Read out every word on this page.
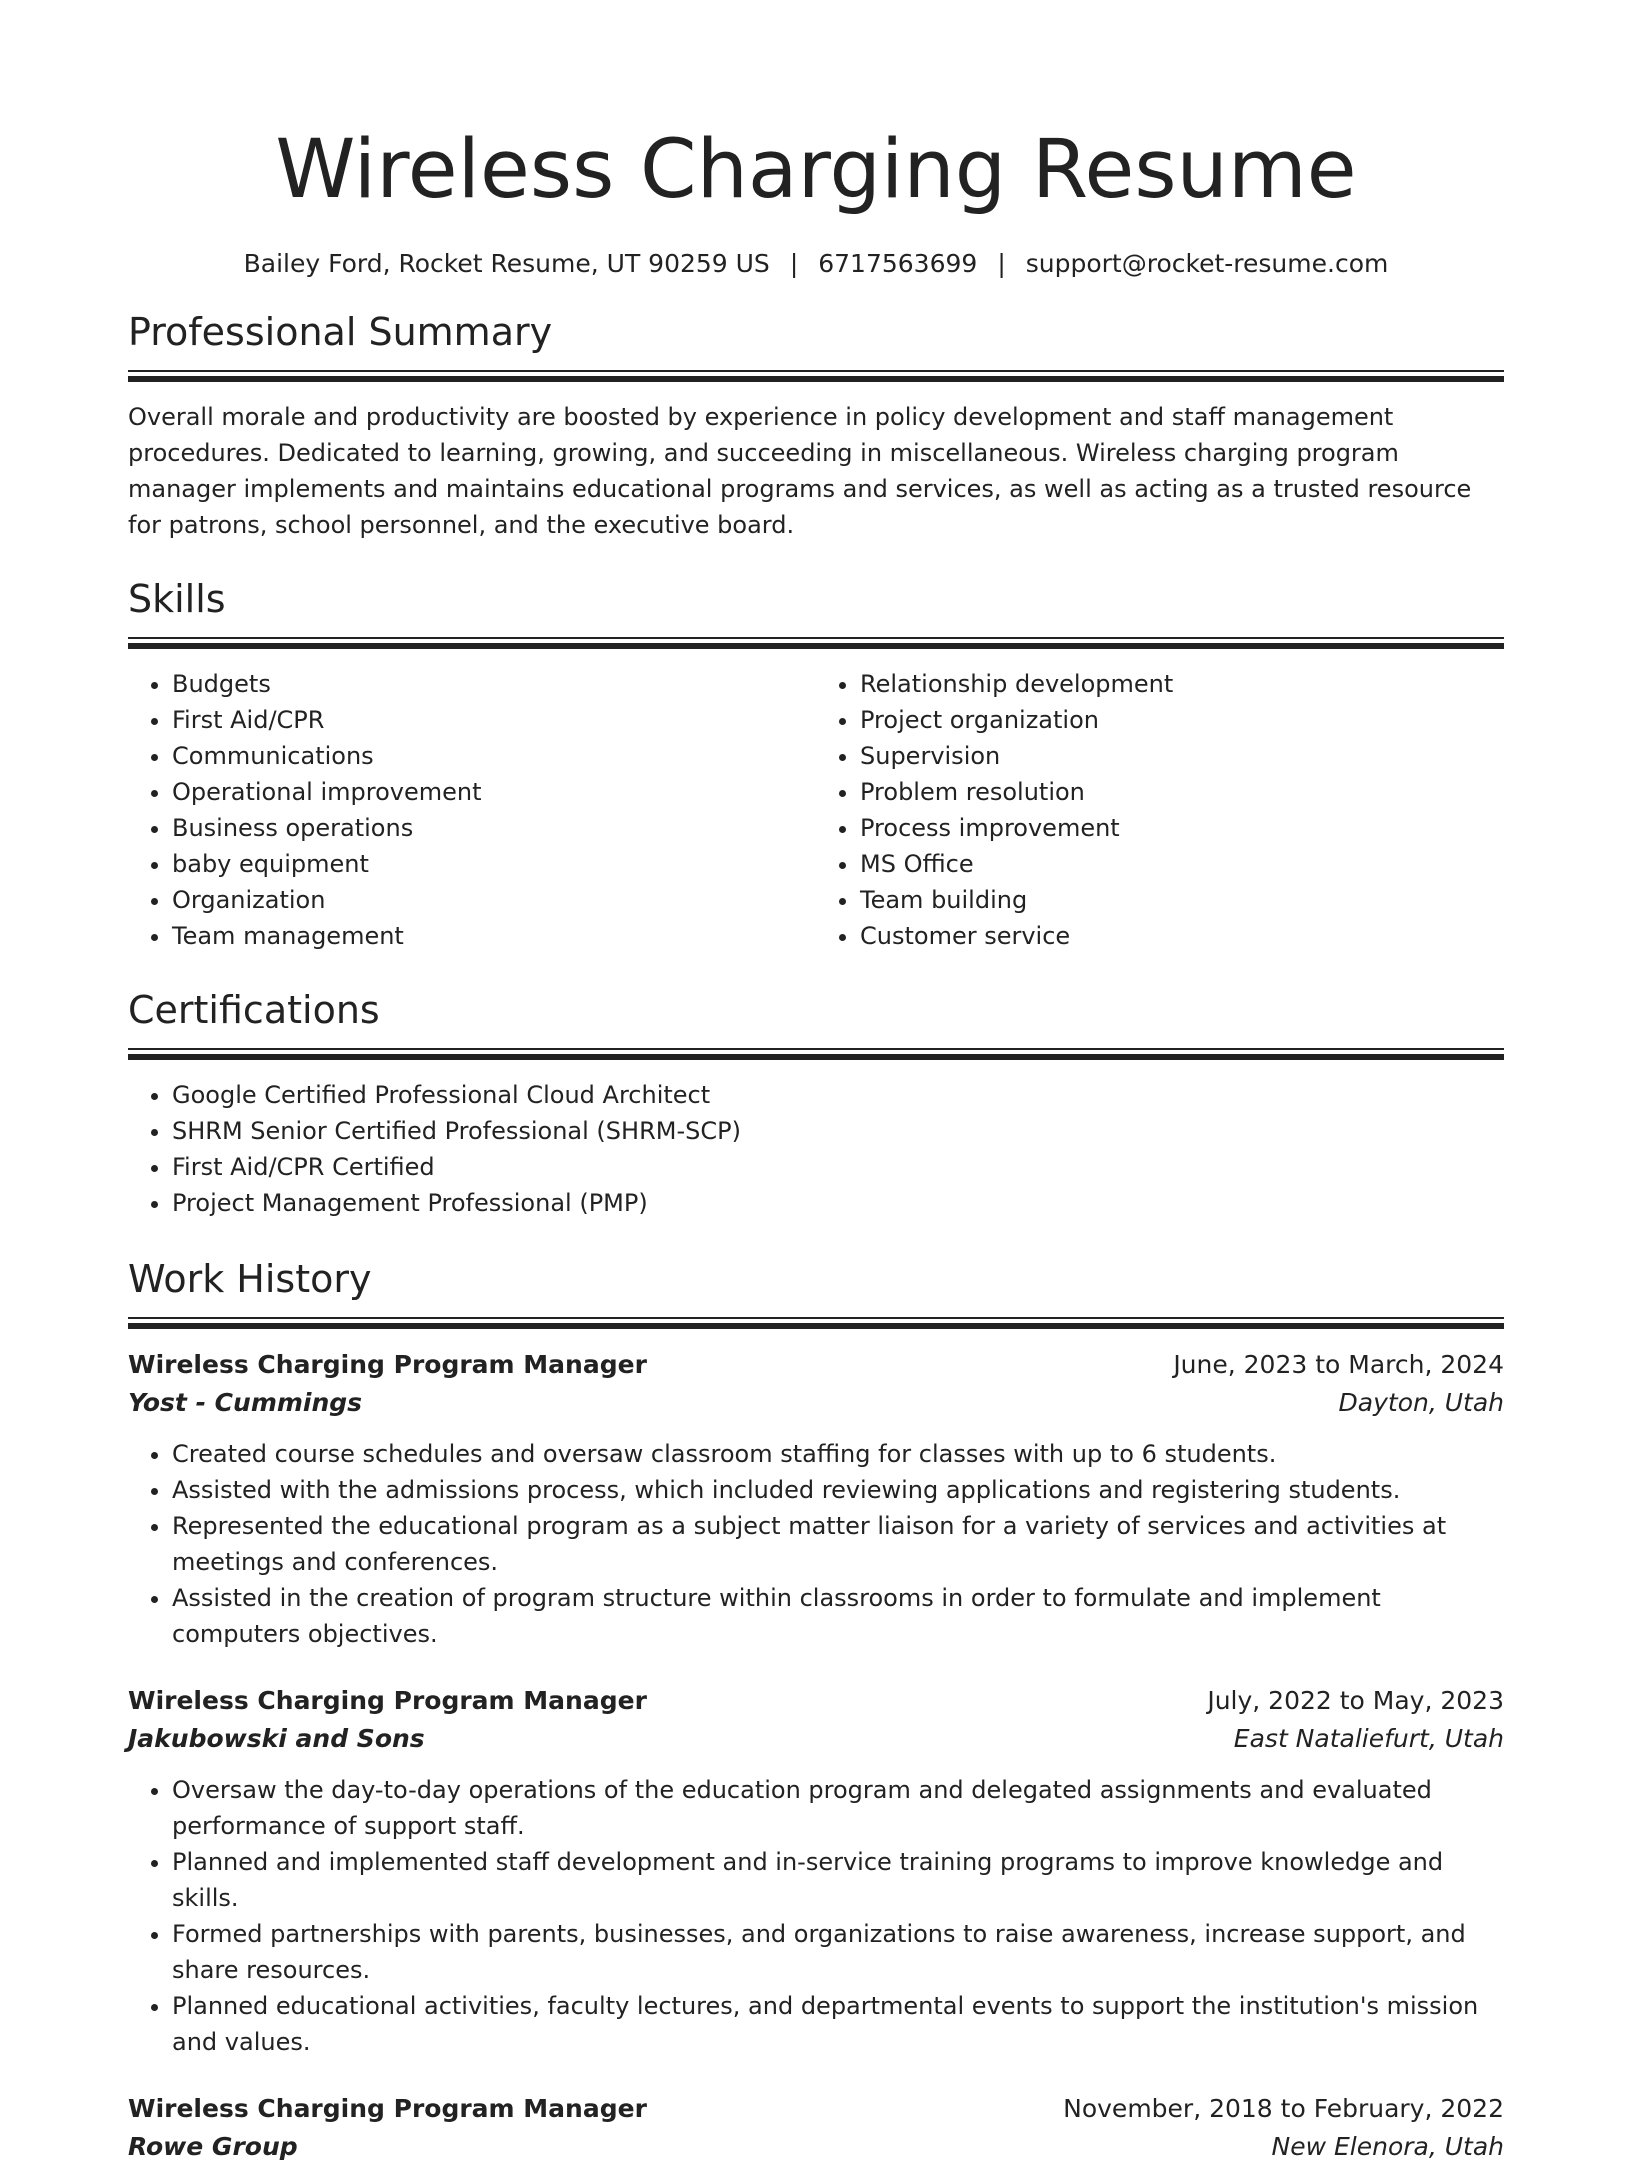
Wireless Charging Resume
Bailey Ford, Rocket Resume, UT 90259 US | 6717563699 | support@rocket-resume.com
Professional Summary

Overall morale and productivity are boosted by experience in policy development and staff management procedures. Dedicated to learning, growing, and succeeding in miscellaneous. Wireless charging program manager implements and maintains educational programs and services, as well as acting as a trusted resource for patrons, school personnel, and the executive board.

Skills
• Budgets
• First Aid/CPR
• Communications
• Operational improvement
• Business operations
• baby equipment
• Organization
• Team management
• Relationship development
• Project organization
• Supervision
• Problem resolution
• Process improvement
• MS Office
• Team building
• Customer service
Certifications
• Google Certified Professional Cloud Architect
• SHRM Senior Certified Professional (SHRM-SCP)
• First Aid/CPR Certified
• Project Management Professional (PMP)
Work History
Wireless Charging Program Manager	June, 2023 to March, 2024
Yost - Cummings	Dayton, Utah
• Created course schedules and oversaw classroom staffing for classes with up to 6 students.
• Assisted with the admissions process, which included reviewing applications and registering students.
• Represented the educational program as a subject matter liaison for a variety of services and activities at meetings and conferences.
• Assisted in the creation of program structure within classrooms in order to formulate and implement computers objectives.
Wireless Charging Program Manager	July, 2022 to May, 2023
Jakubowski and Sons	East Nataliefurt, Utah
• Oversaw the day-to-day operations of the education program and delegated assignments and evaluated performance of support staff.
• Planned and implemented staff development and in-service training programs to improve knowledge and skills.
• Formed partnerships with parents, businesses, and organizations to raise awareness, increase support, and share resources.
• Planned educational activities, faculty lectures, and departmental events to support the institution's mission and values.
Wireless Charging Program Manager	November, 2018 to February, 2022
Rowe Group	New Elenora, Utah
